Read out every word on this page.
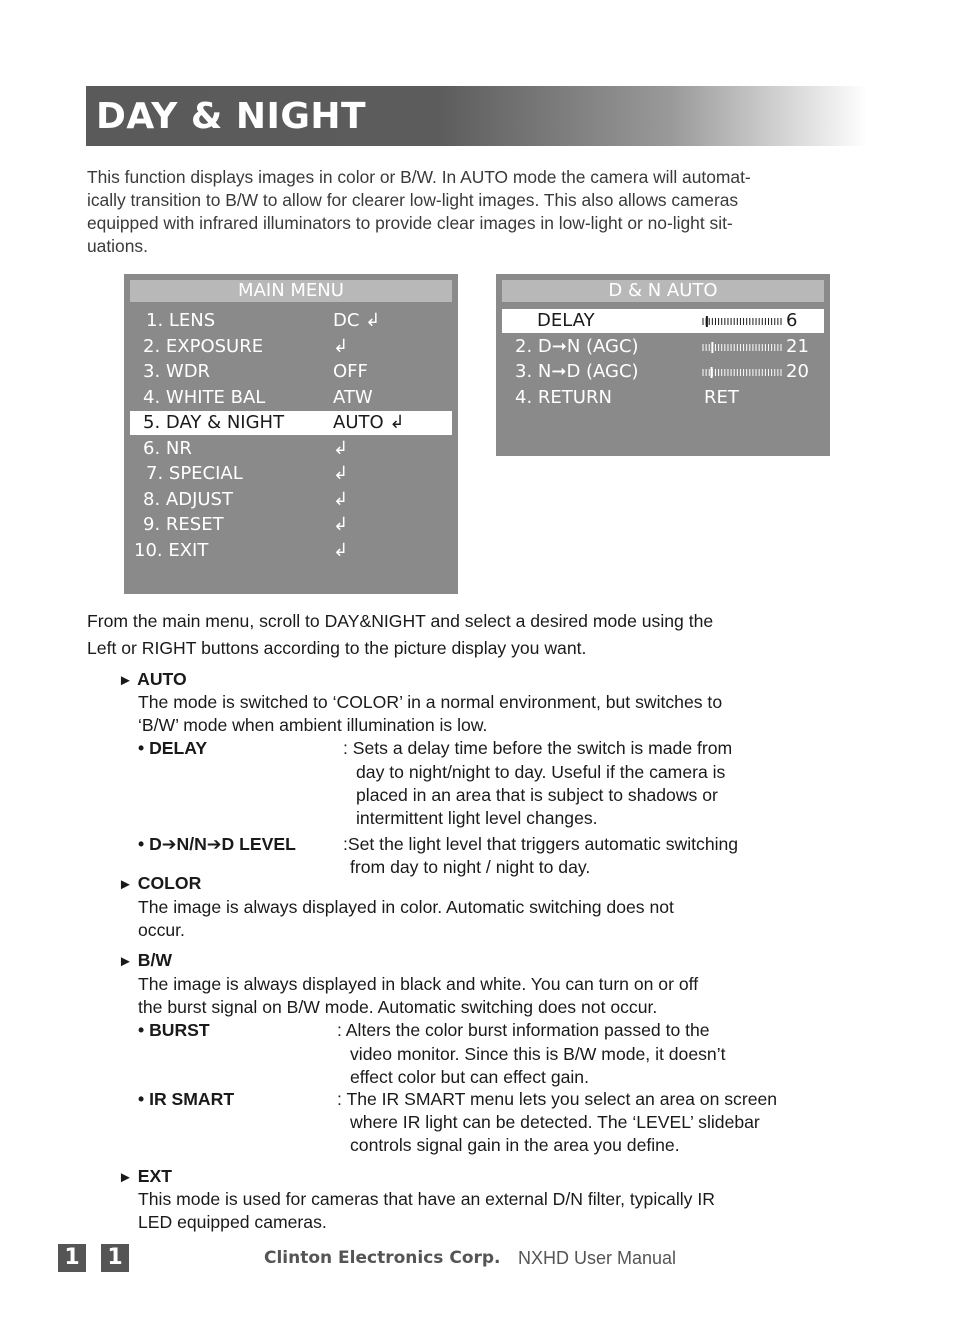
DAY & NIGHT
This function displays images in color or B/W. In AUTO mode the camera will automat-
ically transition to B/W to allow for clearer low-light images. This also allows cameras
equipped with infrared illuminators to provide clear images in low-light or no-light sit-
uations.
MAIN MENU
1. LENS	DC ↲
2. EXPOSURE	↲
3. WDR	OFF
4. WHITE BAL	ATW
5. DAY & NIGHT	AUTO ↲
6. NR	↲
7. SPECIAL	↲
8. ADJUST	↲
9. RESET	↲
10. EXIT	↲
D & N AUTO
DELAY	6
2. D➞N (AGC)	21
3. N➞D (AGC)	20
4. RETURN	RET
From the main menu, scroll to DAY&NIGHT and select a desired mode using the
Left or RIGHT buttons according to the picture display you want.
► AUTO
The mode is switched to ‘COLOR’ in a normal environment, but switches to
‘B/W’ mode when ambient illumination is low.
• DELAY	: Sets a delay time before the switch is made from
day to night/night to day. Useful if the camera is
placed in an area that is subject to shadows or
intermittent light level changes.
• D➔N/N➔D LEVEL	:Set the light level that triggers automatic switching
from day to night / night to day.
► COLOR
The image is always displayed in color. Automatic switching does not
occur.
► B/W
The image is always displayed in black and white. You can turn on or off
the burst signal on B/W mode. Automatic switching does not occur.
• BURST	: Alters the color burst information passed to the
video monitor. Since this is B/W mode, it doesn’t
effect color but can effect gain.
• IR SMART	: The IR SMART menu lets you select an area on screen
where IR light can be detected. The ‘LEVEL’ slidebar
controls signal gain in the area you define.
► EXT
This mode is used for cameras that have an external D/N filter, typically IR
LED equipped cameras.
1 1	Clinton Electronics Corp. NXHD User Manual
